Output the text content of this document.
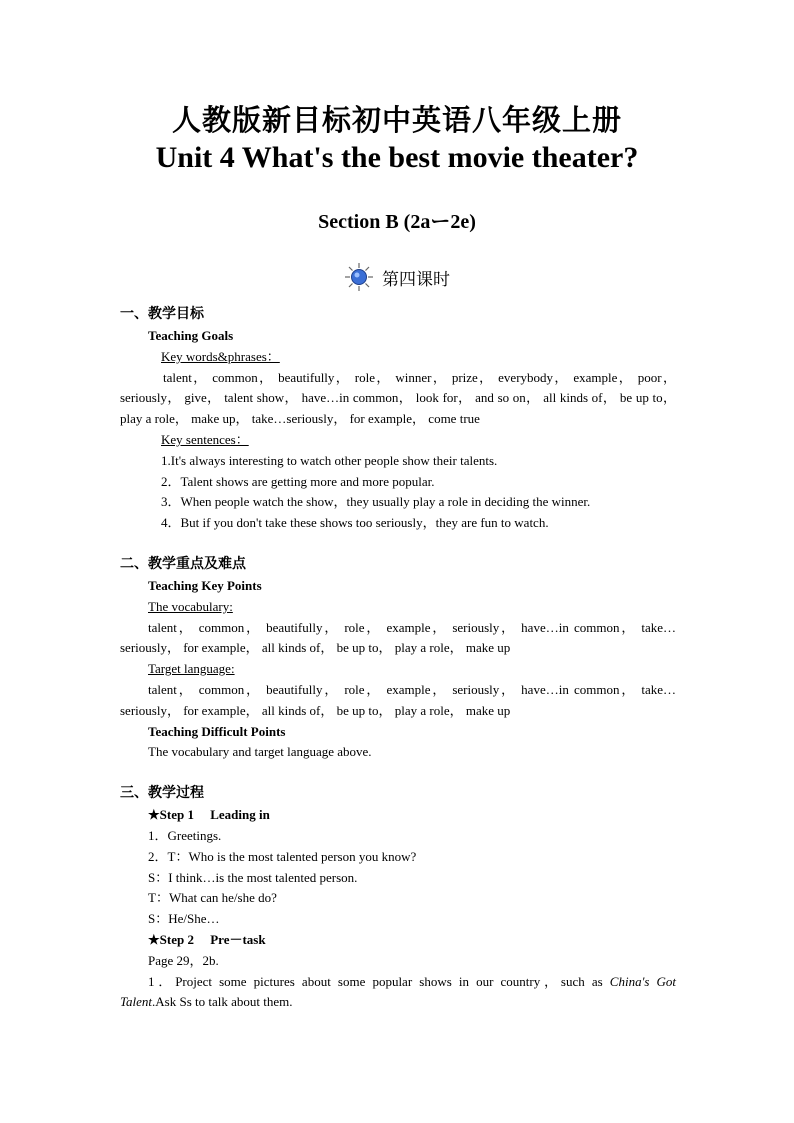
人教版新目标初中英语八年级上册
Unit 4 What's the best movie theater?
Section B (2aー2e)
第四课时
一、教学目标
Teaching Goals
Key words&phrases：
talent， common， beautifully， role， winner， prize， everybody， example， poor，
seriously， give， talent show， have…in common， look for， and so on， all kinds of， be up to，
play a role， make up， take…seriously， for example， come true
Key sentences：
1.It's always interesting to watch other people show their talents.
2．Talent shows are getting more and more popular.
3．When people watch the show，they usually play a role in deciding the winner.
4．But if you don't take these shows too seriously，they are fun to watch.
二、教学重点及难点
Teaching Key Points
The vocabulary:
talent， common， beautifully， role， example， seriously， have…in common， take…
seriously， for example， all kinds of， be up to， play a role， make up
Target language:
talent， common， beautifully， role， example， seriously， have…in common， take…
seriously， for example， all kinds of， be up to， play a role， make up
Teaching Difficult Points
The vocabulary and target language above.
三、教学过程
★Step 1　 Leading in
1．Greetings.
2．T：Who is the most talented person you know?
S：I think…is the most talented person.
T：What can he/she do?
S：He/She…
★Step 2　 Pre－task
Page 29，2b.
1．Project some pictures about some popular shows in our country，such as China's Got
Talent.Ask Ss to talk about them.
